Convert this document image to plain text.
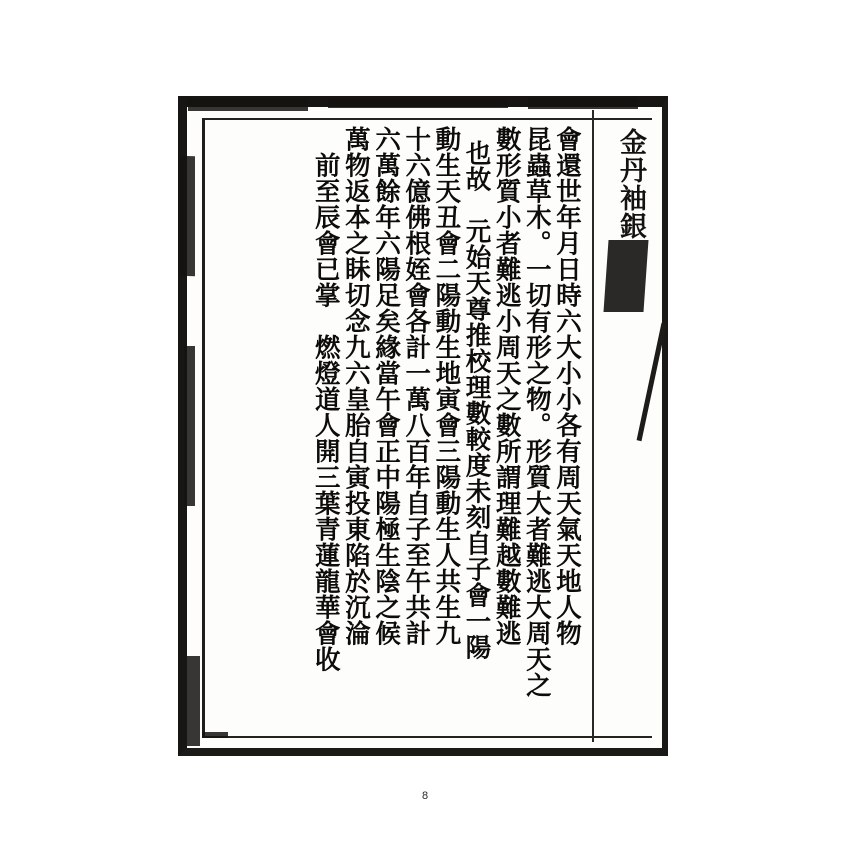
金丹袖銀
會還世年月日時六大小小各有周天氣天地人物
昆蟲草木。一切有形之物。形質大者難逃大周天之
數形質小者難逃小周天之數所謂理難越數難逃
也故　元始天尊推校理數較度未刻自子會一陽
動生天丑會二陽動生地寅會三陽動生人共生九
十六億佛根姪會各計一萬八百年自子至午共計
六萬餘年六陽足矣緣當午會正中陽極生陰之候
萬物返本之眛切念九六皇胎自寅投東陷於沉淪
前至辰會已掌　燃燈道人開三葉青蓮龍華會收
8
